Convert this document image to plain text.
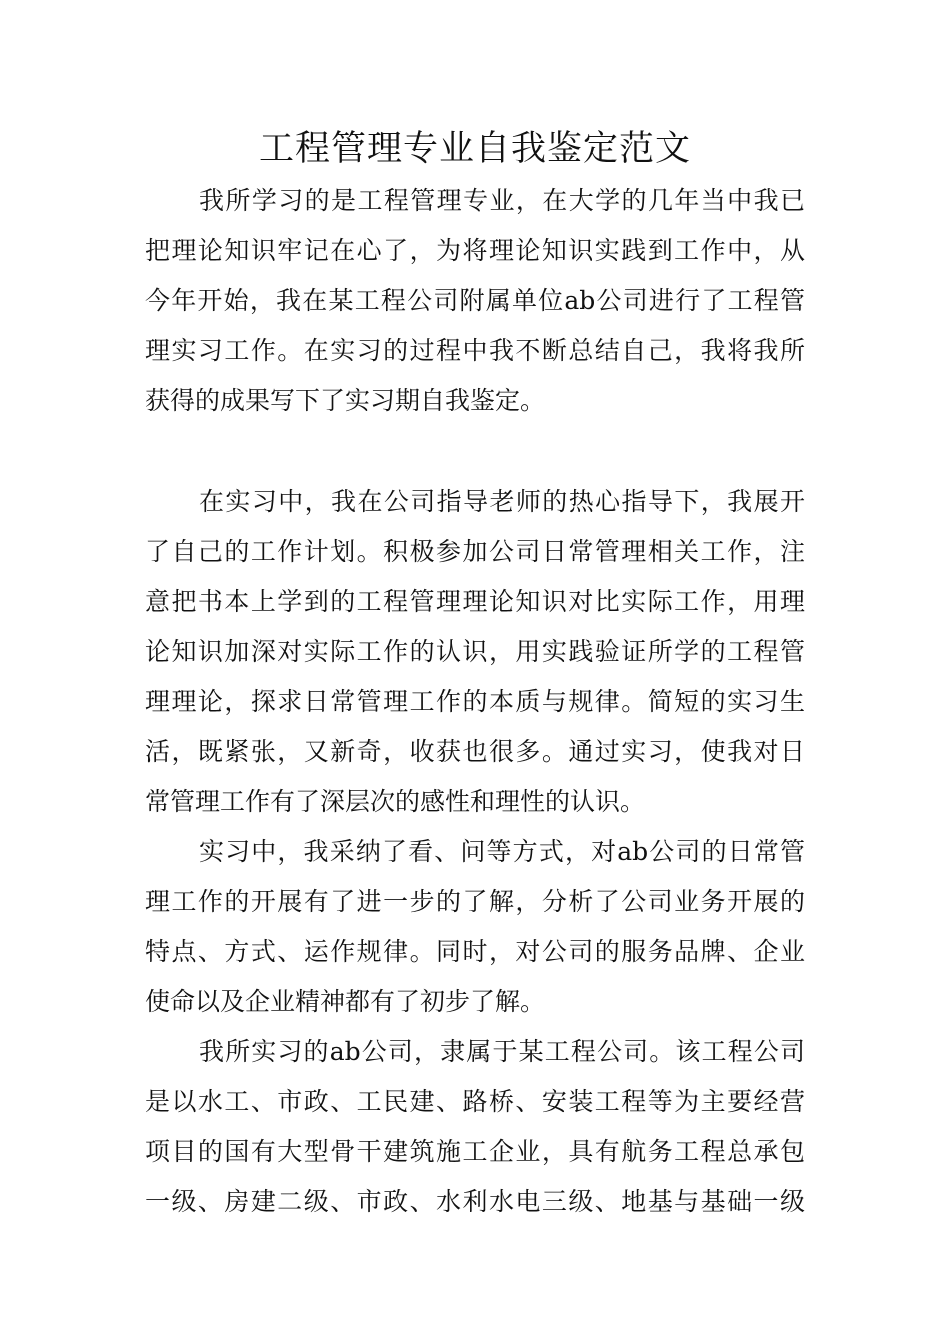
工程管理专业自我鉴定范文
我所学习的是工程管理专业，在大学的几年当中我已
把理论知识牢记在心了，为将理论知识实践到工作中，从
今年开始，我在某工程公司附属单位ab公司进行了工程管
理实习工作。在实习的过程中我不断总结自己，我将我所
获得的成果写下了实习期自我鉴定。
在实习中，我在公司指导老师的热心指导下，我展开
了自己的工作计划。积极参加公司日常管理相关工作，注
意把书本上学到的工程管理理论知识对比实际工作，用理
论知识加深对实际工作的认识，用实践验证所学的工程管
理理论，探求日常管理工作的本质与规律。简短的实习生
活，既紧张，又新奇，收获也很多。通过实习，使我对日
常管理工作有了深层次的感性和理性的认识。
实习中，我采纳了看、问等方式，对ab公司的日常管
理工作的开展有了进一步的了解，分析了公司业务开展的
特点、方式、运作规律。同时，对公司的服务品牌、企业
使命以及企业精神都有了初步了解。
我所实习的ab公司，隶属于某工程公司。该工程公司
是以水工、市政、工民建、路桥、安装工程等为主要经营
项目的国有大型骨干建筑施工企业，具有航务工程总承包
一级、房建二级、市政、水利水电三级、地基与基础一级
